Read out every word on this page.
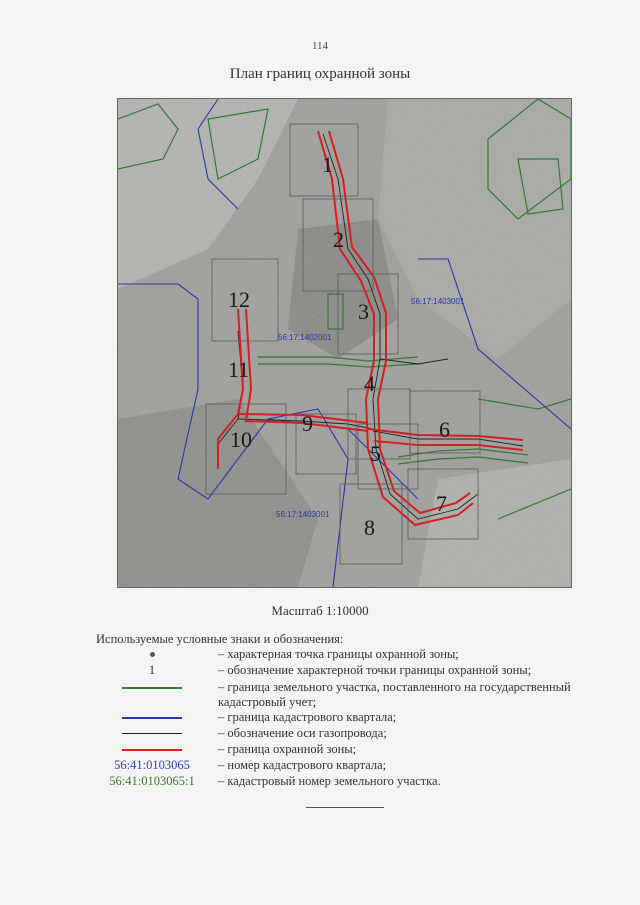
114
План границ охранной зоны
1
2
3
4
5
6
7
8
9
10
11
12	56:17:1403001
56:17:1402001
56:17:1403001
Масштаб 1:10000
Используемые условные знаки и обозначения:
– характерная точка границы охранной зоны;
1	– обозначение характерной точки границы охранной зоны;
– граница земельного участка, поставленного на государственный кадастровый учет;
– граница кадастрового квартала;
– обозначение оси газопровода;
– граница охранной зоны;
56:41:0103065	– номер кадастрового квартала;
56:41:0103065:1	– кадастровый номер земельного участка.
